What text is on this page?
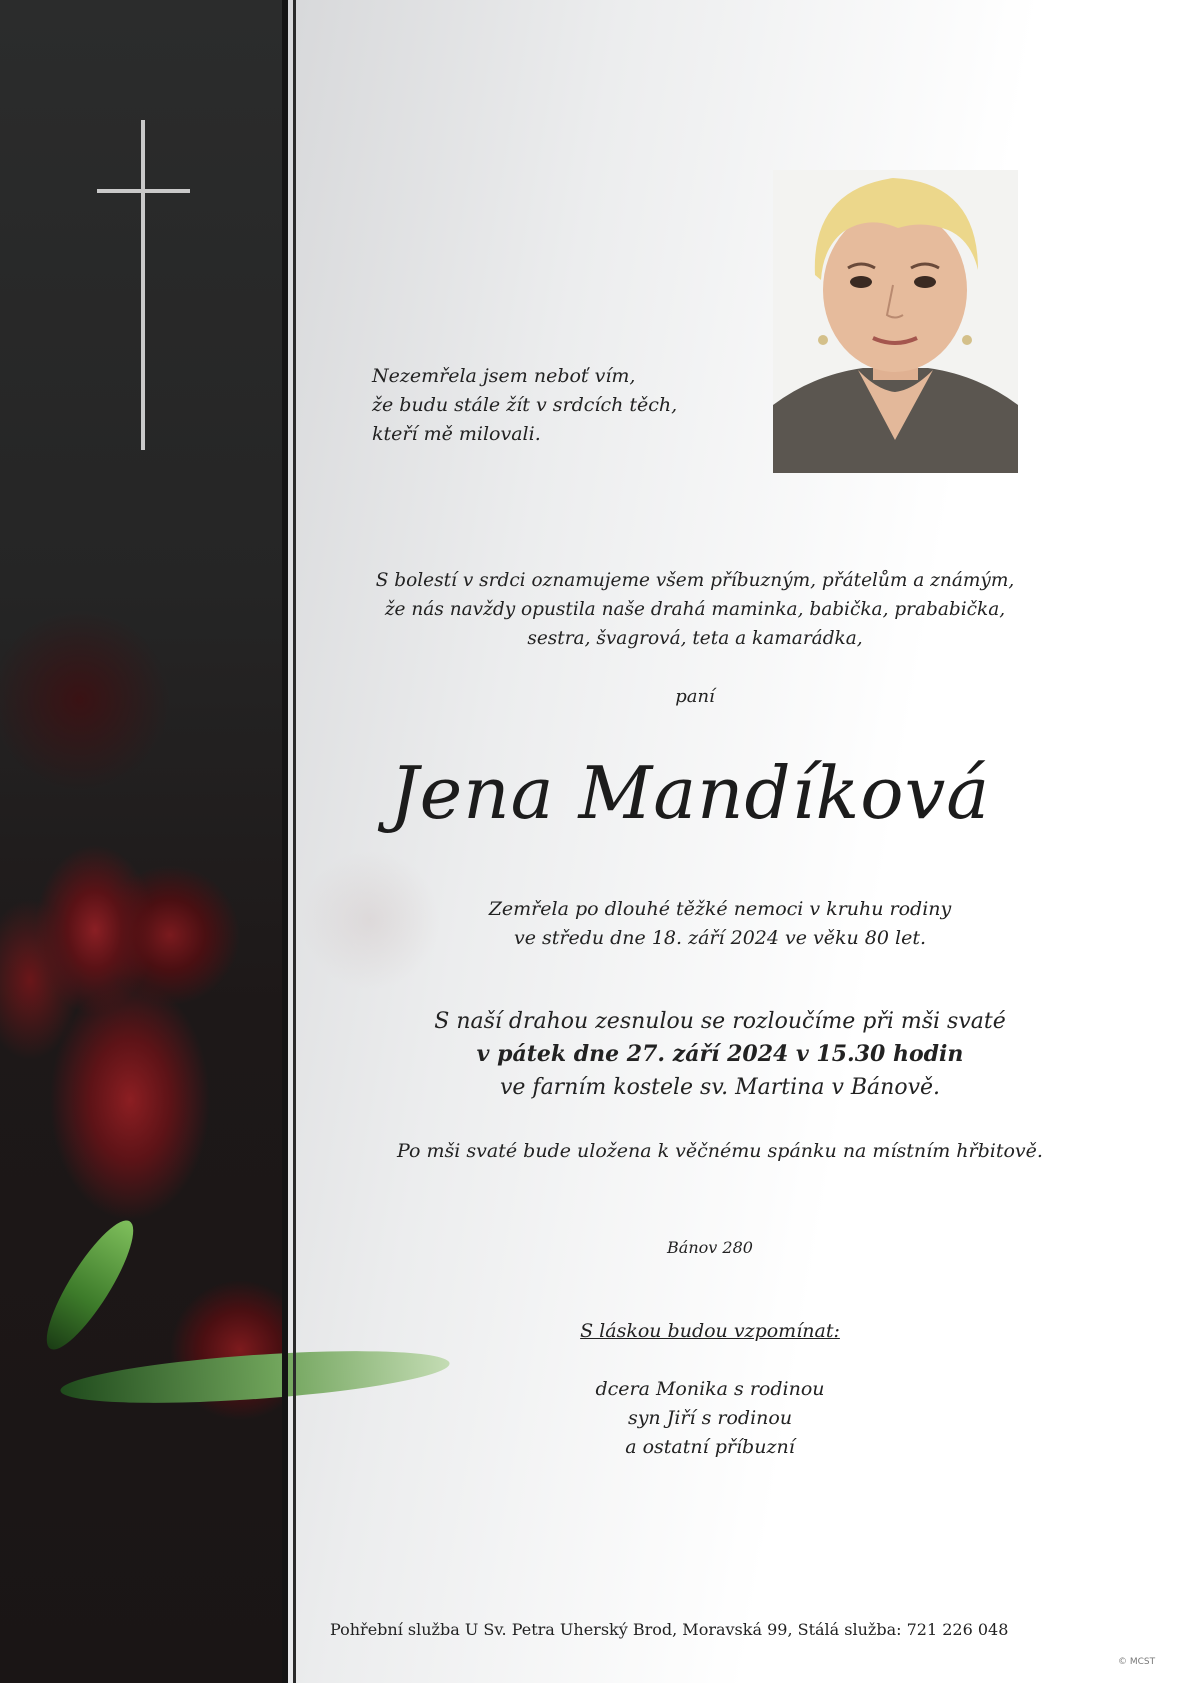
Nezemřela jsem neboť vím,
že budu stále žít v srdcích těch,
kteří mě milovali.
S bolestí v srdci oznamujeme všem příbuzným, přátelům a známým,
že nás navždy opustila naše drahá maminka, babička, prababička,
sestra, švagrová, teta a kamarádka,
paní
Jena Mandíková
Zemřela po dlouhé těžké nemoci v kruhu rodiny
ve středu dne 18. září 2024 ve věku 80 let.
S naší drahou zesnulou se rozloučíme při mši svaté
v pátek dne 27. září 2024 v 15.30 hodin
ve farním kostele sv. Martina v Bánově.
Po mši svaté bude uložena k věčnému spánku na místním hřbitově.
Bánov 280
S láskou budou vzpomínat:
dcera Monika s rodinou
syn Jiří s rodinou
a ostatní příbuzní
Pohřební služba U Sv. Petra Uherský Brod, Moravská 99, Stálá služba: 721 226 048
© MCST
